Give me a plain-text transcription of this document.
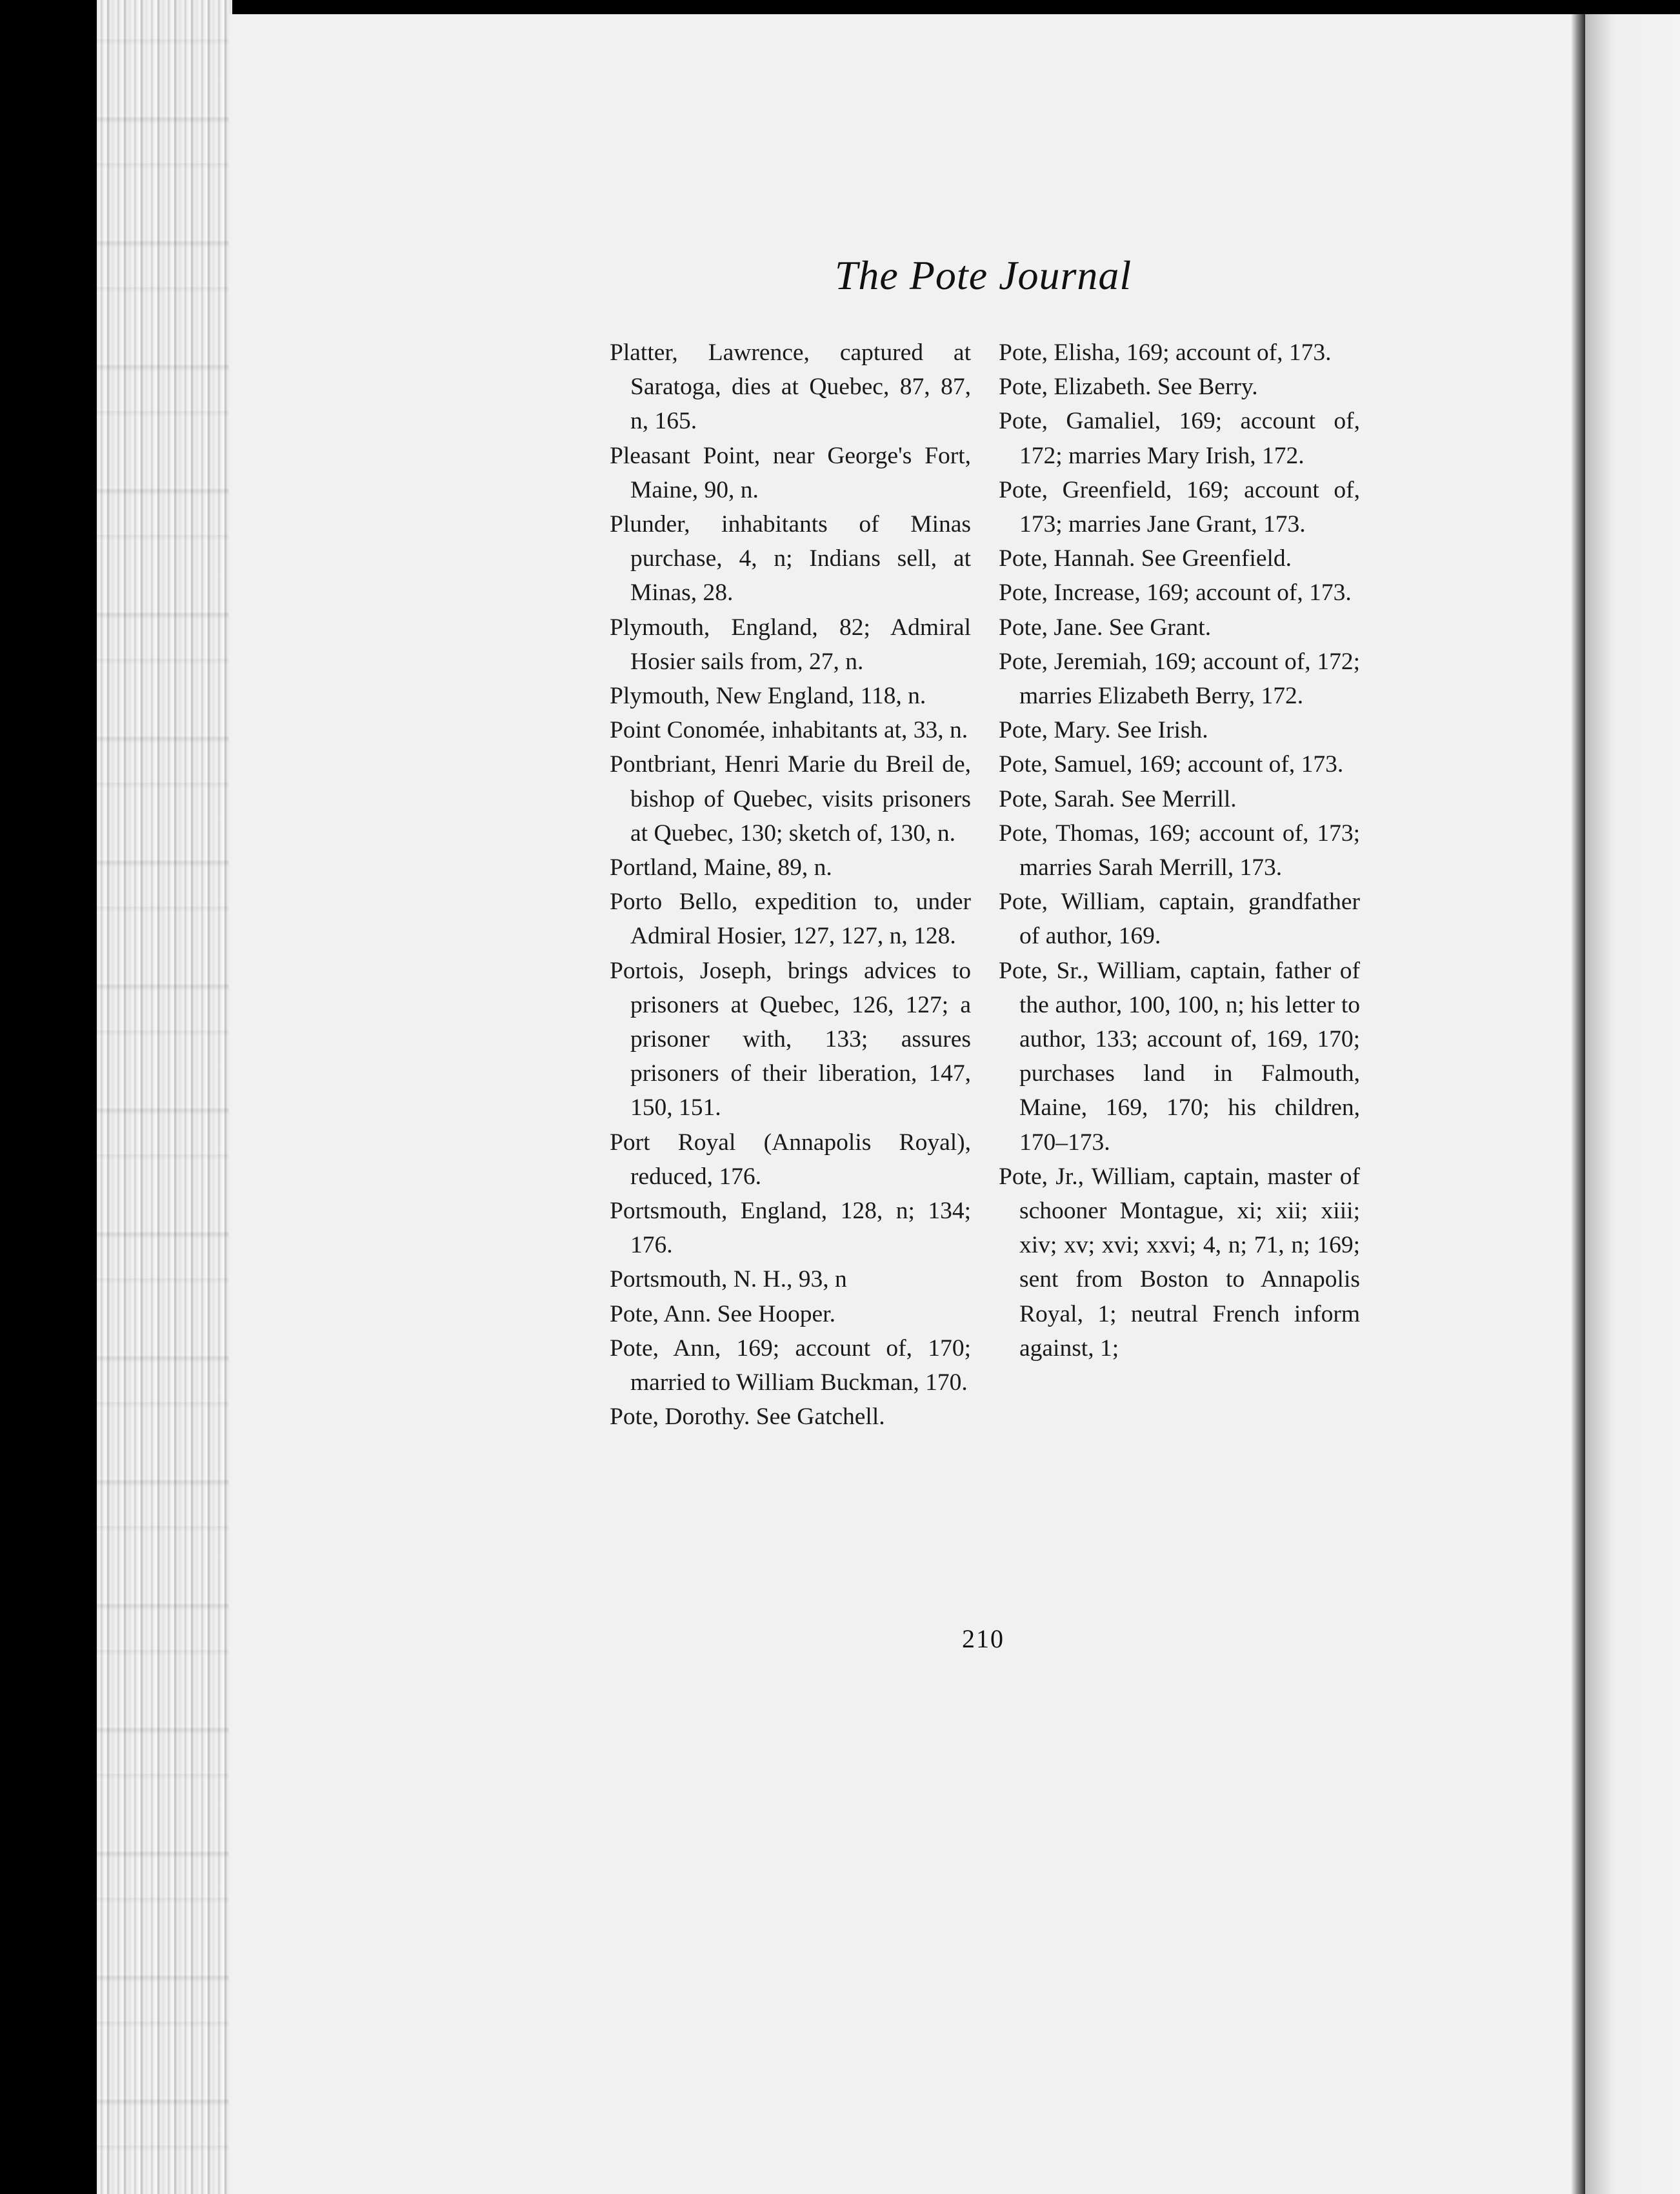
The Pote Journal

Platter, Lawrence, captured at Saratoga, dies at Quebec, 87, 87, n, 165.

Pleasant Point, near George's Fort, Maine, 90, n.

Plunder, inhabitants of Minas purchase, 4, n; Indians sell, at Minas, 28.

Plymouth, England, 82; Admiral Hosier sails from, 27, n.

Plymouth, New England, 118, n.

Point Conomée, inhabitants at, 33, n.

Pontbriant, Henri Marie du Breil de, bishop of Quebec, visits prisoners at Quebec, 130; sketch of, 130, n.

Portland, Maine, 89, n.

Porto Bello, expedition to, under Admiral Hosier, 127, 127, n, 128.

Portois, Joseph, brings advices to prisoners at Quebec, 126, 127; a prisoner with, 133; assures prisoners of their liberation, 147, 150, 151.

Port Royal (Annapolis Royal), reduced, 176.

Portsmouth, England, 128, n; 134; 176.

Portsmouth, N. H., 93, n

Pote, Ann. See Hooper.

Pote, Ann, 169; account of, 170; married to William Buckman, 170.

Pote, Dorothy. See Gatchell.

Pote, Elisha, 169; account of, 173.

Pote, Elizabeth. See Berry.

Pote, Gamaliel, 169; account of, 172; marries Mary Irish, 172.

Pote, Greenfield, 169; account of, 173; marries Jane Grant, 173.

Pote, Hannah. See Greenfield.

Pote, Increase, 169; account of, 173.

Pote, Jane. See Grant.

Pote, Jeremiah, 169; account of, 172; marries Elizabeth Berry, 172.

Pote, Mary. See Irish.

Pote, Samuel, 169; account of, 173.

Pote, Sarah. See Merrill.

Pote, Thomas, 169; account of, 173; marries Sarah Merrill, 173.

Pote, William, captain, grandfather of author, 169.

Pote, Sr., William, captain, father of the author, 100, 100, n; his letter to author, 133; account of, 169, 170; purchases land in Falmouth, Maine, 169, 170; his children, 170–173.

Pote, Jr., William, captain, master of schooner Montague, xi; xii; xiii; xiv; xv; xvi; xxvi; 4, n; 71, n; 169; sent from Boston to Annapolis Royal, 1; neutral French inform against, 1;

210
